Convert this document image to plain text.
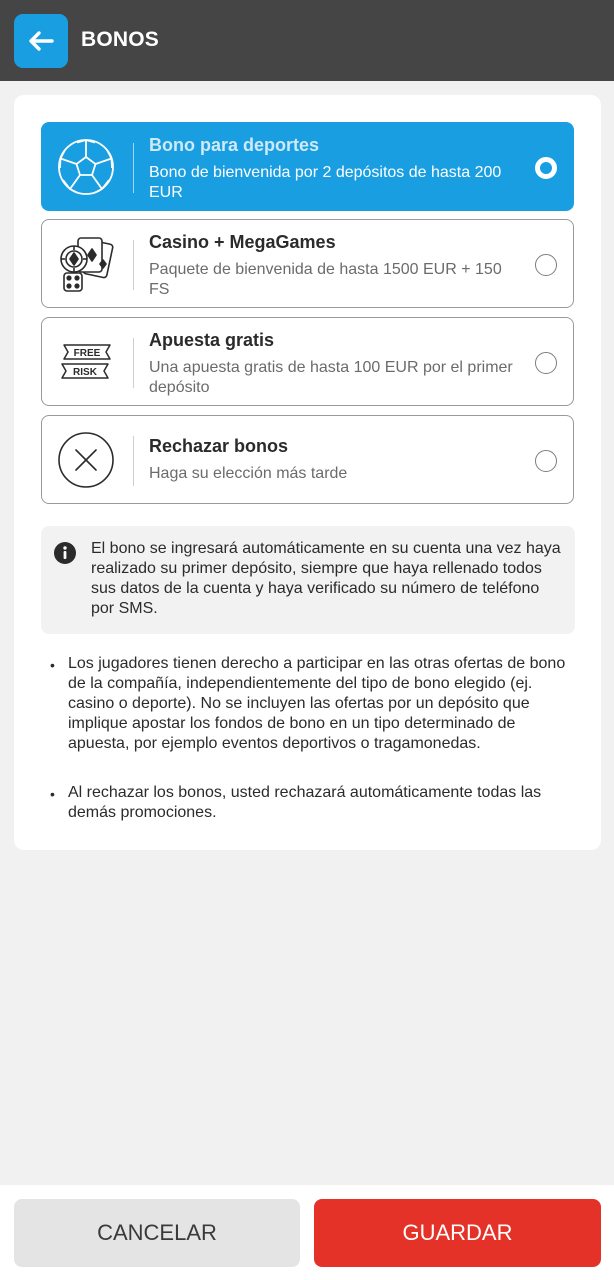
BONOS
Bono para deportes
Bono de bienvenida por 2 depósitos de hasta 200 EUR
Casino + MegaGames
Paquete de bienvenida de hasta 1500 EUR + 150 FS
FREE
RISK
Apuesta gratis
Una apuesta gratis de hasta 100 EUR por el primer depósito
Rechazar bonos
Haga su elección más tarde
El bono se ingresará automáticamente en su cuenta una vez haya realizado su primer depósito, siempre que haya rellenado todos sus datos de la cuenta y haya verificado su número de teléfono por SMS.
• Los jugadores tienen derecho a participar en las otras ofertas de bono de la compañía, independientemente del tipo de bono elegido (ej. casino o deporte). No se incluyen las ofertas por un depósito que implique apostar los fondos de bono en un tipo determinado de apuesta, por ejemplo eventos deportivos o tragamonedas.
• Al rechazar los bonos, usted rechazará automáticamente todas las demás promociones.
CANCELAR	GUARDAR
